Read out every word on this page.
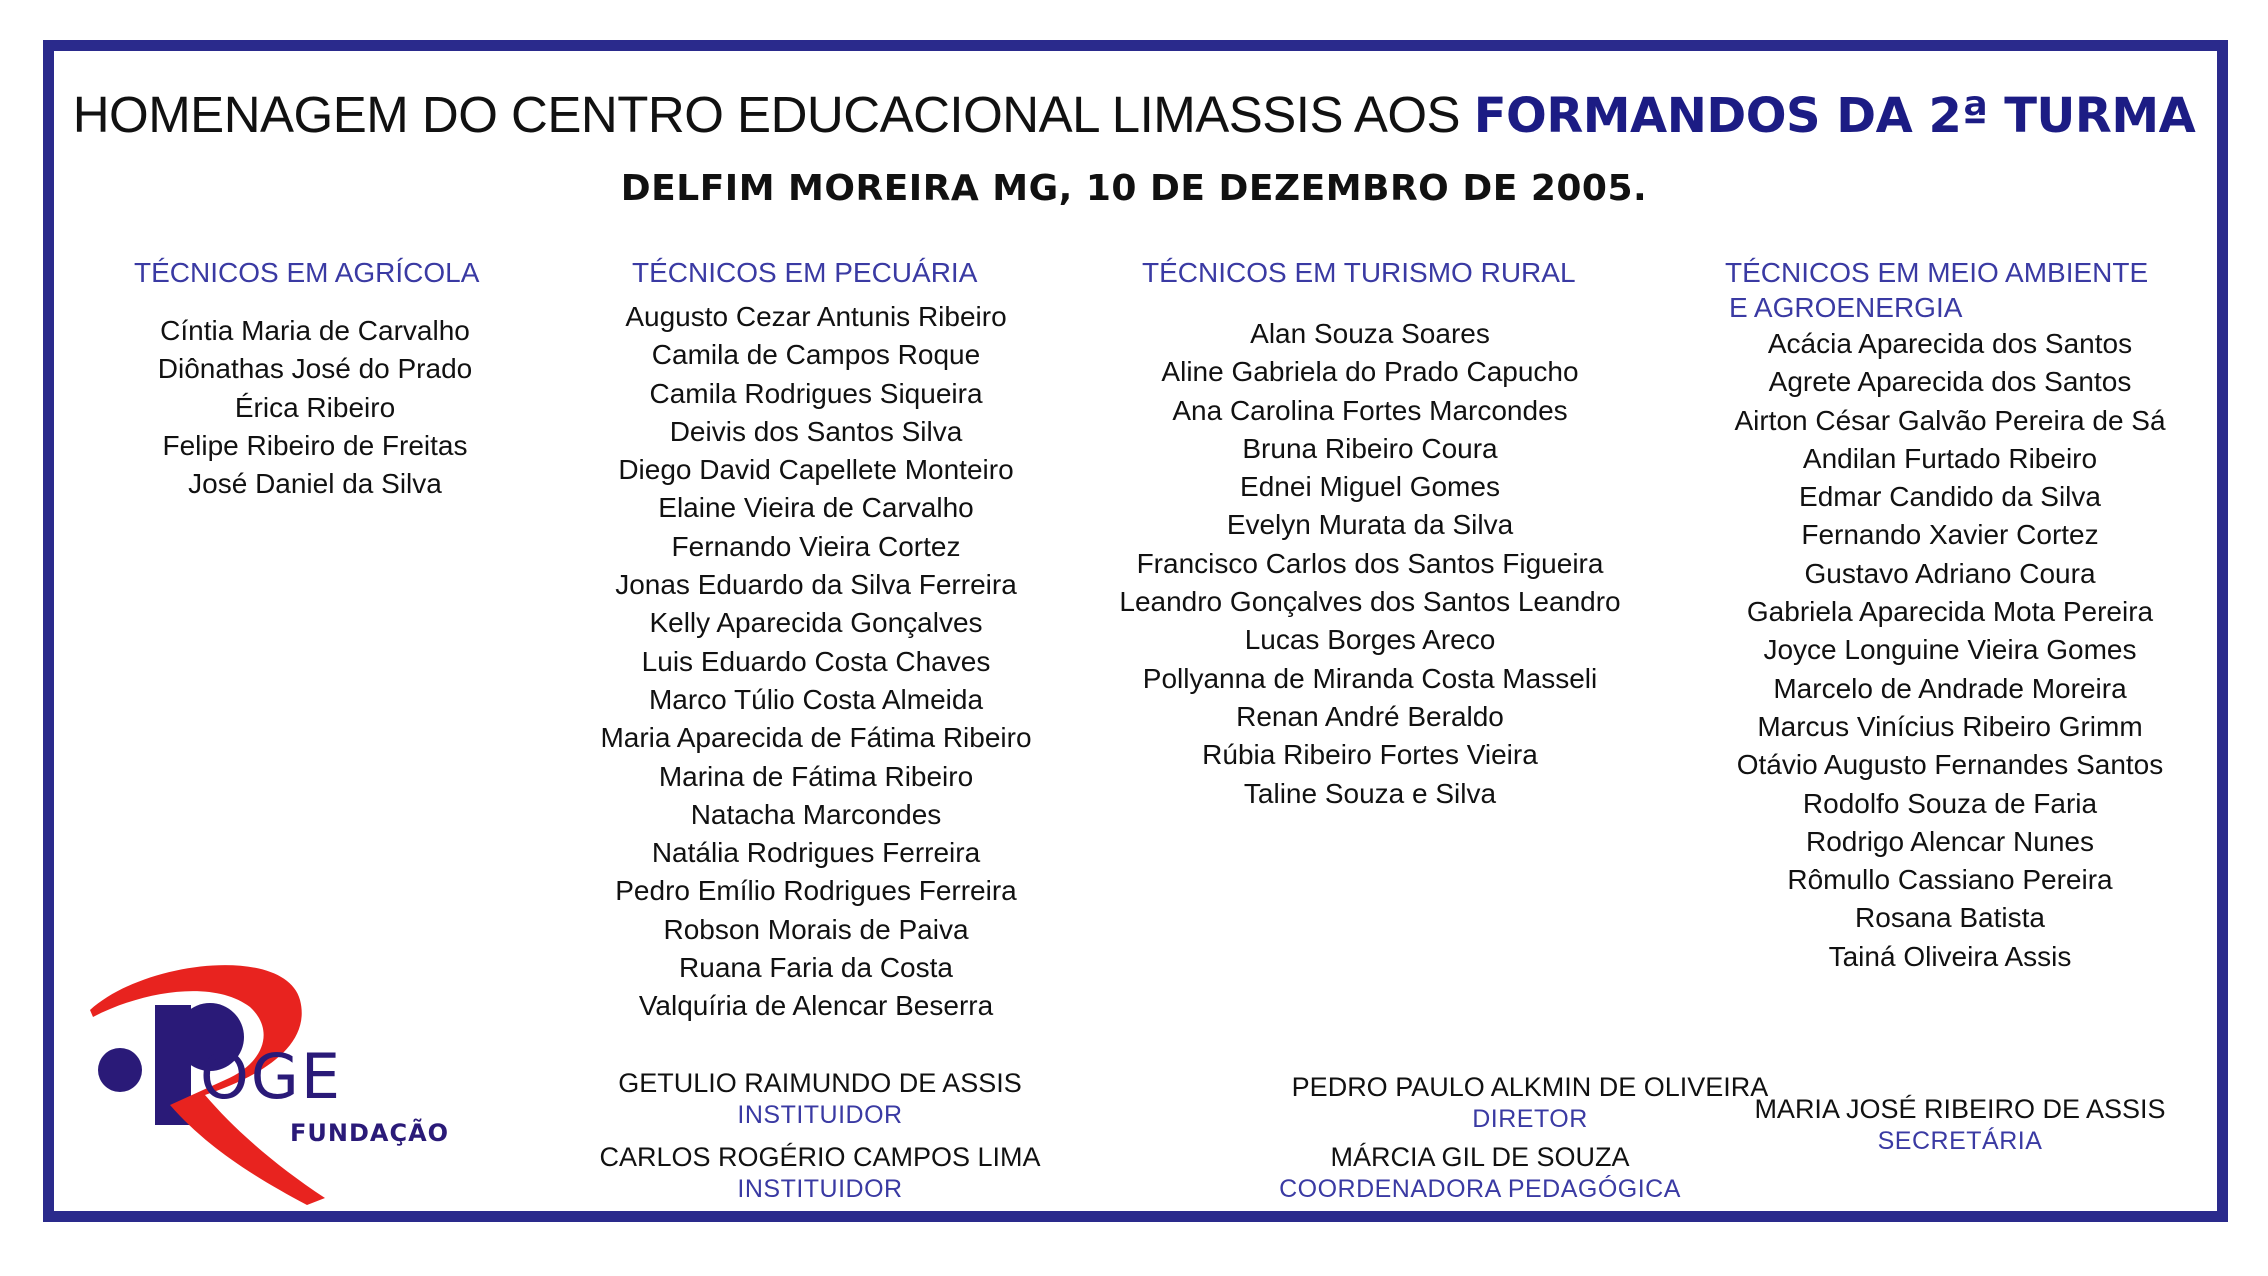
HOMENAGEM DO CENTRO EDUCACIONAL LIMASSIS AOS FORMANDOS DA 2ª TURMA
DELFIM MOREIRA MG, 10 DE DEZEMBRO DE 2005.
TÉCNICOS EM AGRÍCOLA
Cíntia Maria de Carvalho
Diônathas José do Prado
Érica Ribeiro
Felipe Ribeiro de Freitas
José Daniel da Silva
TÉCNICOS EM PECUÁRIA
Augusto Cezar Antunis Ribeiro
Camila de Campos Roque
Camila Rodrigues Siqueira
Deivis dos Santos Silva
Diego David Capellete Monteiro
Elaine Vieira de Carvalho
Fernando Vieira Cortez
Jonas Eduardo da Silva Ferreira
Kelly Aparecida Gonçalves
Luis Eduardo Costa Chaves
Marco Túlio Costa Almeida
Maria Aparecida de Fátima Ribeiro
Marina de Fátima Ribeiro
Natacha Marcondes
Natália Rodrigues Ferreira
Pedro Emílio Rodrigues Ferreira
Robson Morais de Paiva
Ruana Faria da Costa
Valquíria de Alencar Beserra
TÉCNICOS EM TURISMO RURAL
Alan Souza Soares
Aline Gabriela do Prado Capucho
Ana Carolina Fortes Marcondes
Bruna Ribeiro Coura
Ednei Miguel Gomes
Evelyn Murata da Silva
Francisco Carlos dos Santos Figueira
Leandro Gonçalves dos Santos Leandro
Lucas Borges Areco
Pollyanna de Miranda Costa Masseli
Renan André Beraldo
Rúbia Ribeiro Fortes Vieira
Taline Souza e Silva
TÉCNICOS EM MEIO AMBIENTE
E AGROENERGIA
Acácia Aparecida dos Santos
Agrete Aparecida dos Santos
Airton César Galvão Pereira de Sá
Andilan Furtado Ribeiro
Edmar Candido da Silva
Fernando Xavier Cortez
Gustavo Adriano Coura
Gabriela Aparecida Mota Pereira
Joyce Longuine Vieira Gomes
Marcelo de Andrade Moreira
Marcus Vinícius Ribeiro Grimm
Otávio Augusto Fernandes Santos
Rodolfo Souza de Faria
Rodrigo Alencar Nunes
Rômullo Cassiano Pereira
Rosana Batista
Tainá Oliveira Assis
GETULIO RAIMUNDO DE ASSIS
INSTITUIDOR
CARLOS ROGÉRIO CAMPOS LIMA
INSTITUIDOR
PEDRO PAULO ALKMIN DE OLIVEIRA
DIRETOR
MÁRCIA GIL DE SOUZA
COORDENADORA PEDAGÓGICA
MARIA JOSÉ RIBEIRO DE ASSIS
SECRETÁRIA
OGE
FUNDAÇÃO
